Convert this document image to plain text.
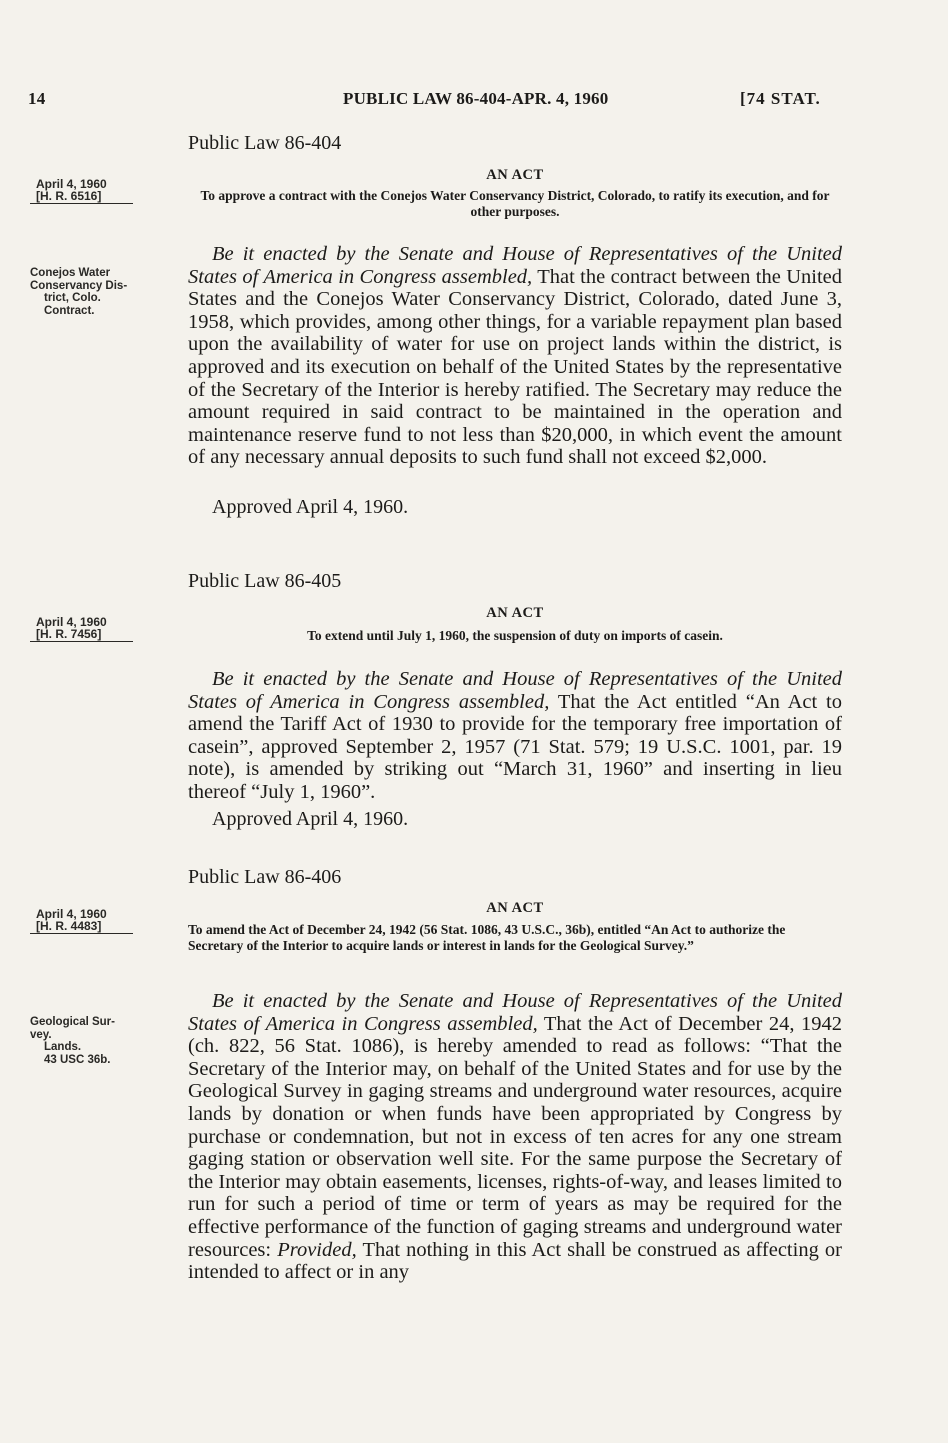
14	PUBLIC LAW 86-404-APR. 4, 1960	[74 STAT.
Public Law 86-404
AN ACT
April 4, 1960
[H. R. 6516]	To approve a contract with the Conejos Water Conservancy District, Colorado, to ratify its execution, and for other purposes.
Conejos Water
Conservancy Dis-
trict, Colo.
Contract.

Be it enacted by the Senate and House of Representatives of the United States of America in Congress assembled, That the contract between the United States and the Conejos Water Conservancy District, Colorado, dated June 3, 1958, which provides, among other things, for a variable repayment plan based upon the availability of water for use on project lands within the district, is approved and its execution on behalf of the United States by the representative of the Secretary of the Interior is hereby ratified. The Secretary may reduce the amount required in said contract to be maintained in the operation and maintenance reserve fund to not less than $20,000, in which event the amount of any necessary annual deposits to such fund shall not exceed $2,000.

Approved April 4, 1960.
Public Law 86-405
AN ACT
April 4, 1960
[H. R. 7456]	To extend until July 1, 1960, the suspension of duty on imports of casein.

Be it enacted by the Senate and House of Representatives of the United States of America in Congress assembled, That the Act entitled “An Act to amend the Tariff Act of 1930 to provide for the temporary free importation of casein”, approved September 2, 1957 (71 Stat. 579; 19 U.S.C. 1001, par. 19 note), is amended by striking out “March 31, 1960” and inserting in lieu thereof “July 1, 1960”.

Approved April 4, 1960.
Public Law 86-406
AN ACT
April 4, 1960
[H. R. 4483]	To amend the Act of December 24, 1942 (56 Stat. 1086, 43 U.S.C., 36b), entitled “An Act to authorize the Secretary of the Interior to acquire lands or interest in lands for the Geological Survey.”
Geological Sur-
vey.
Lands.
43 USC 36b.

Be it enacted by the Senate and House of Representatives of the United States of America in Congress assembled, That the Act of December 24, 1942 (ch. 822, 56 Stat. 1086), is hereby amended to read as follows: “That the Secretary of the Interior may, on behalf of the United States and for use by the Geological Survey in gaging streams and underground water resources, acquire lands by donation or when funds have been appropriated by Congress by purchase or condemnation, but not in excess of ten acres for any one stream gaging station or observation well site. For the same purpose the Secretary of the Interior may obtain easements, licenses, rights-of-way, and leases limited to run for such a period of time or term of years as may be required for the effective performance of the function of gaging streams and underground water resources: Provided, That nothing in this Act shall be construed as affecting or intended to affect or in any
